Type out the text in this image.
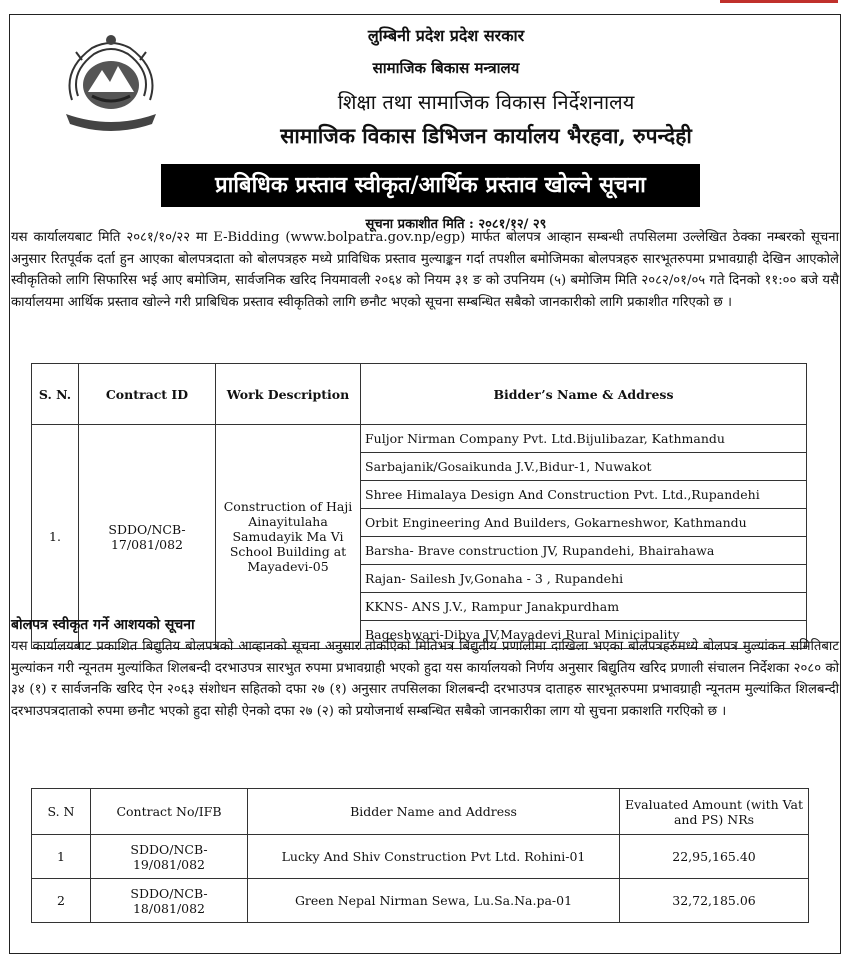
लुम्बिनी प्रदेश प्रदेश सरकार
सामाजिक बिकास मन्त्रालय
शिक्षा तथा सामाजिक विकास निर्देशनालय
सामाजिक विकास डिभिजन कार्यालय भैरहवा, रुपन्देही
प्राबिधिक प्रस्ताव स्वीकृत/आर्थिक प्रस्ताव खोल्ने सूचना
सूचना प्रकाशीत मिति : २०८१/१२/ २९

यस कार्यालयबाट मिति २०८१/१०/२२ मा E-Bidding (www.bolpatra.gov.np/egp) मार्फत बोलपत्र आव्हान सम्बन्धी तपसिलमा उल्लेखित ठेक्का नम्बरको सूचना अनुसार रितपूर्वक दर्ता हुन आएका बोलपत्रदाता को बोलपत्रहरु मध्ये प्राविधिक प्रस्ताव मुल्याङ्कन गर्दा तपशील बमोजिमका बोलपत्रहरु सारभूतरुपमा प्रभावग्राही देखिन आएकोले स्वीकृतिको लागि सिफारिस भई आए बमोजिम, सार्वजनिक खरिद नियमावली २०६४ को नियम ३१ ङ को उपनियम (५) बमोजिम मिति २०८२/०१/०५ गते दिनको ११:०० बजे यसै कार्यालयमा आर्थिक प्रस्ताव खोल्ने गरी प्राबिधिक प्रस्ताव स्वीकृतिको लागि छनौट भएको सूचना सम्बन्धित सबैको जानकारीको लागि प्रकाशीत गरिएको छ ।

S. N.	Contract ID	Work Description	Bidder’s Name & Address
1.	SDDO/NCB-17/081/082	Construction of Haji Ainayitulaha Samudayik Ma Vi School Building at Mayadevi-05	Fuljor Nirman Company Pvt. Ltd.Bijulibazar, Kathmandu
			Sarbajanik/Gosaikunda J.V.,Bidur-1, Nuwakot
			Shree Himalaya Design And Construction Pvt. Ltd.,Rupandehi
			Orbit Engineering And Builders, Gokarneshwor, Kathmandu
			Barsha- Brave construction JV, Rupandehi, Bhairahawa
			Rajan- Sailesh Jv,Gonaha - 3 , Rupandehi
			KKNS- ANS J.V., Rampur Janakpurdham
			Bageshwari-Dibya JV,Mayadevi Rural Minicipality
बोलपत्र स्वीकृत गर्ने आशयको सूचना

यस कार्यालयबाट प्रकाशित बिद्युतिय बोलपत्रको आव्हानको सूचना अनुसार तोकएिको मितिभत्र बिद्युतीय प्रणालीमा दाखिला भएका बोलपत्रहरुमध्ये बोलपत्र मुल्यांकन समितिबाट मुल्यांकन गरी न्यूनतम मुल्यांकित शिलबन्दी दरभाउपत्र सारभुत रुपमा प्रभावग्राही भएको हुदा यस कार्यालयको निर्णय अनुसार बिद्युतिय खरिद प्रणाली संचालन निर्देशका २०८० को ३४ (१) र सार्वजनकि खरिद ऐन २०६३ संशोधन सहितको दफा २७ (१) अनुसार तपसिलका शिलबन्दी दरभाउपत्र दाताहरु सारभूतरुपमा प्रभावग्राही न्यूनतम मुल्यांकित शिलबन्दी दरभाउपत्रदाताको रुपमा छनौट भएको हुदा सोही ऐनको दफा २७ (२) को प्रयोजनार्थ सम्बन्धित सबैको जानकारीका लाग यो सुचना प्रकाशति गरएिको छ ।

S. N	Contract No/IFB	Bidder Name and Address	Evaluated Amount (with Vat and PS) NRs
1	SDDO/NCB-19/081/082	Lucky And Shiv Construction Pvt Ltd. Rohini-01	22,95,165.40
2	SDDO/NCB-18/081/082	Green Nepal Nirman Sewa, Lu.Sa.Na.pa-01	32,72,185.06
